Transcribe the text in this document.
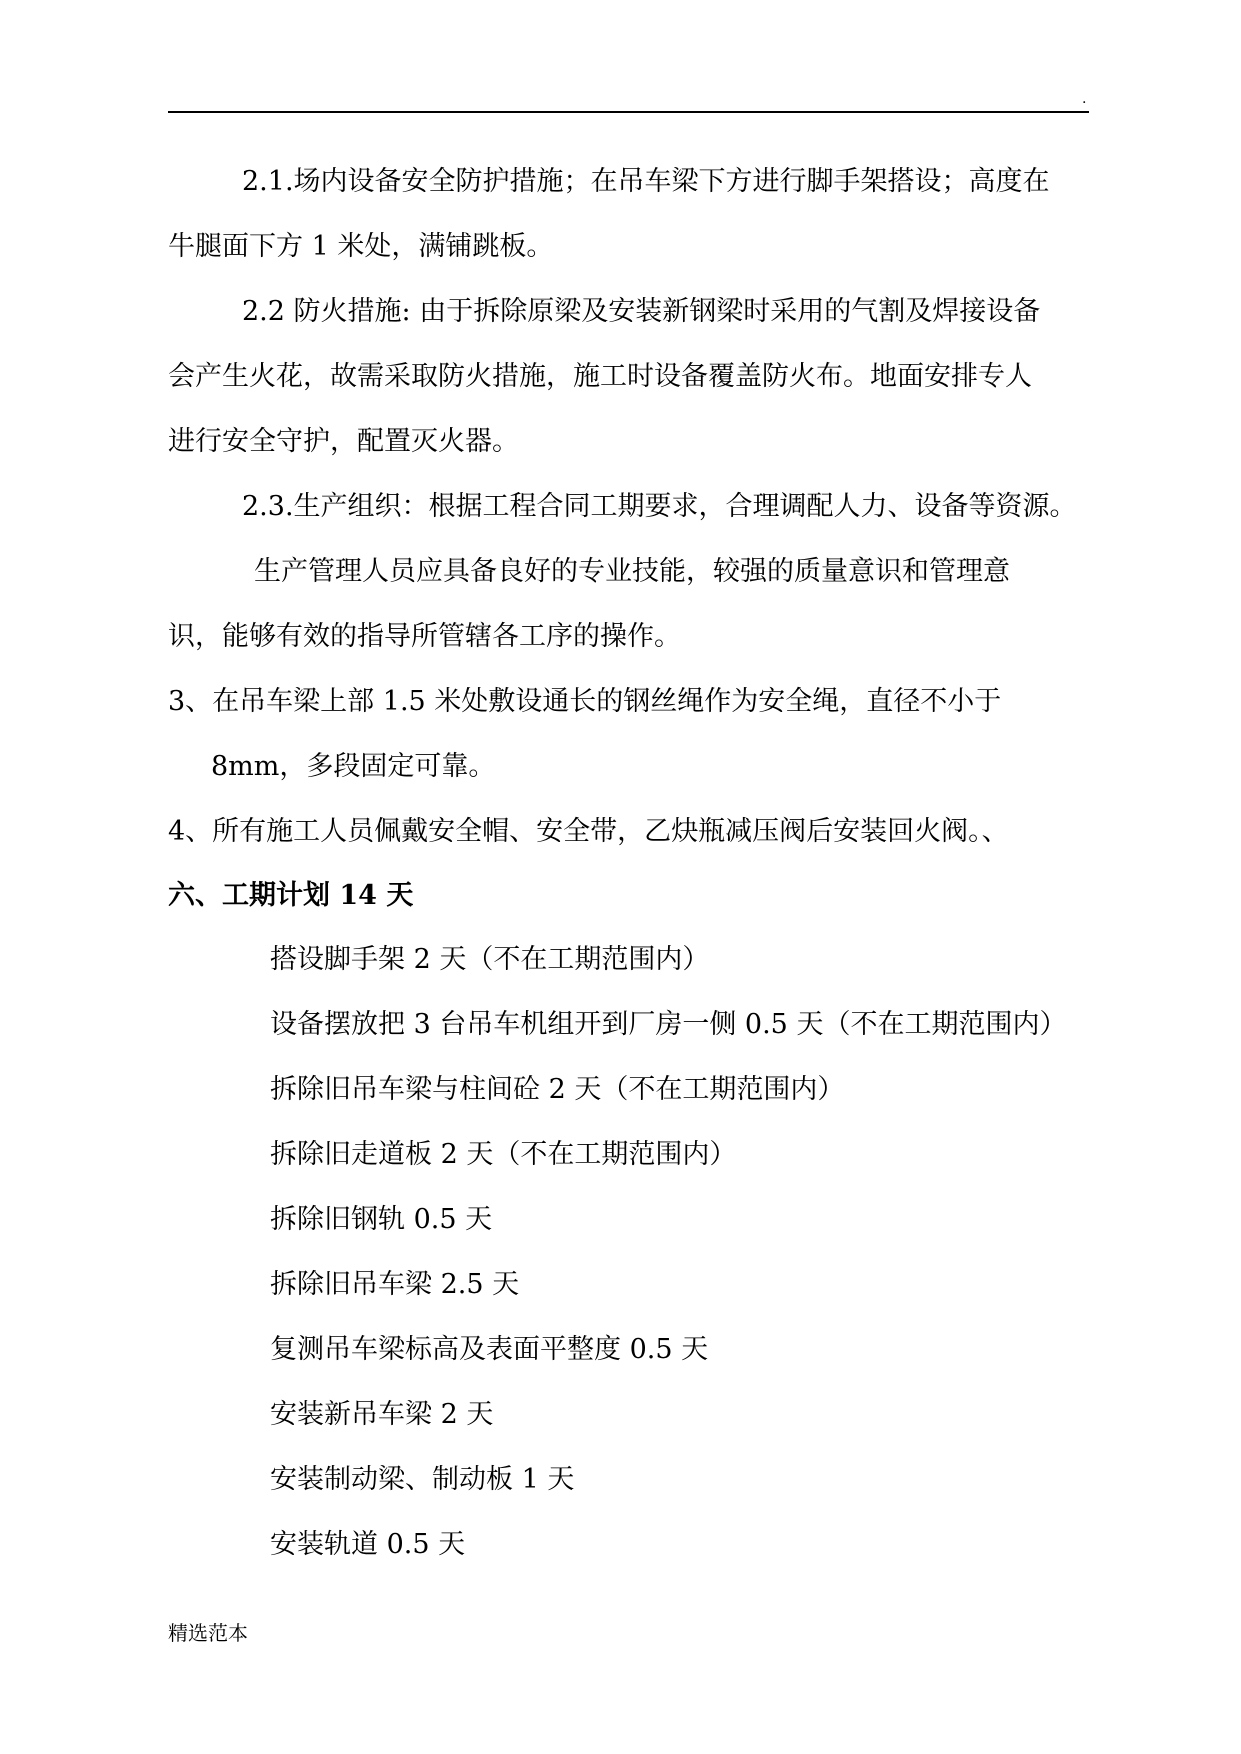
.
2.1.场内设备安全防护措施；在吊车梁下方进行脚手架搭设；高度在
牛腿面下方 1 米处，满铺跳板。
2.2 防火措施: 由于拆除原梁及安装新钢梁时采用的气割及焊接设备
会产生火花，故需采取防火措施，施工时设备覆盖防火布。地面安排专人
进行安全守护，配置灭火器。
2.3.生产组织：根据工程合同工期要求，合理调配人力、设备等资源。
生产管理人员应具备良好的专业技能，较强的质量意识和管理意
识，能够有效的指导所管辖各工序的操作。
3、在吊车梁上部 1.5 米处敷设通长的钢丝绳作为安全绳，直径不小于
8mm，多段固定可靠。
4、所有施工人员佩戴安全帽、安全带，乙炔瓶减压阀后安装回火阀。、
六、工期计划 14 天
搭设脚手架 2 天（不在工期范围内）
设备摆放把 3 台吊车机组开到厂房一侧 0.5 天（不在工期范围内）
拆除旧吊车梁与柱间砼 2 天（不在工期范围内）
拆除旧走道板 2 天（不在工期范围内）
拆除旧钢轨 0.5 天
拆除旧吊车梁 2.5 天
复测吊车梁标高及表面平整度 0.5 天
安装新吊车梁 2 天
安装制动梁、制动板 1 天
安装轨道 0.5 天
精选范本
